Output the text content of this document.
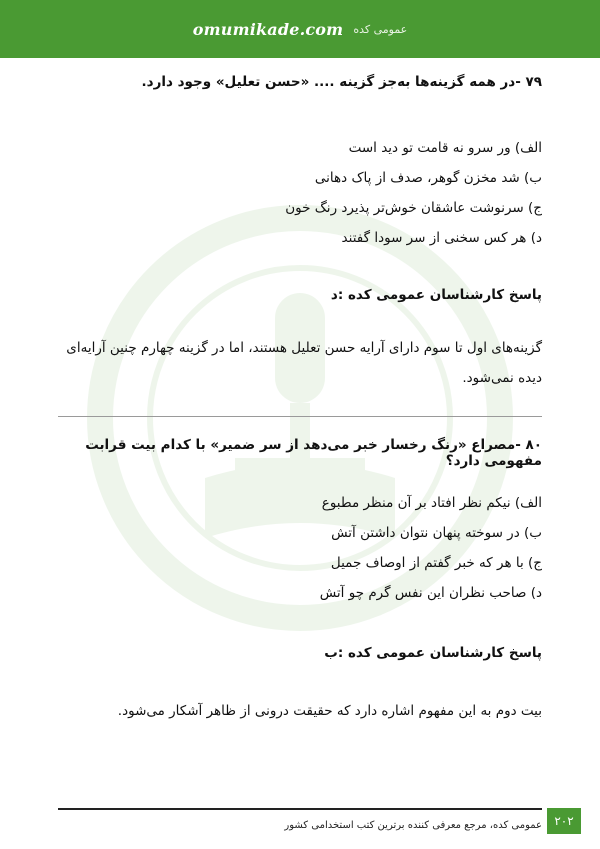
omumikade.com عمومی کده

۷۹ -در همه گزینه‌ها به‌جز گزینه .... «حسن تعلیل» وجود دارد.

الف) ور سرو نه قامت تو دید است
ب) شد مخزن گوهر، صدف از پاک دهانی
ج) سرنوشت عاشقان خوش‌تر پذیرد رنگ خون
د) هر کس سخنی از سر سودا گفتند

پاسخ کارشناسان عمومی کده :د

گزینه‌های اول تا سوم دارای آرایه حسن تعلیل هستند، اما در گزینه چهارم چنین آرایه‌ای دیده نمی‌شود.

۸۰ -مصراع «رنگ رخسار خبر می‌دهد از سر ضمیر» با کدام بیت قرابت مفهومی دارد؟

الف) نیکم نظر افتاد بر آن منظر مطبوع
ب) در سوخته پنهان نتوان داشتن آتش
ج) با هر که خبر گفتم از اوصاف جمیل
د) صاحب نظران این نفس گرم چو آتش

پاسخ کارشناسان عمومی کده :ب

بیت دوم به این مفهوم اشاره دارد که حقیقت درونی از ظاهر آشکار می‌شود.

۲۰۲
عمومی کده، مرجع معرفی کننده برترین کتب استخدامی کشور
